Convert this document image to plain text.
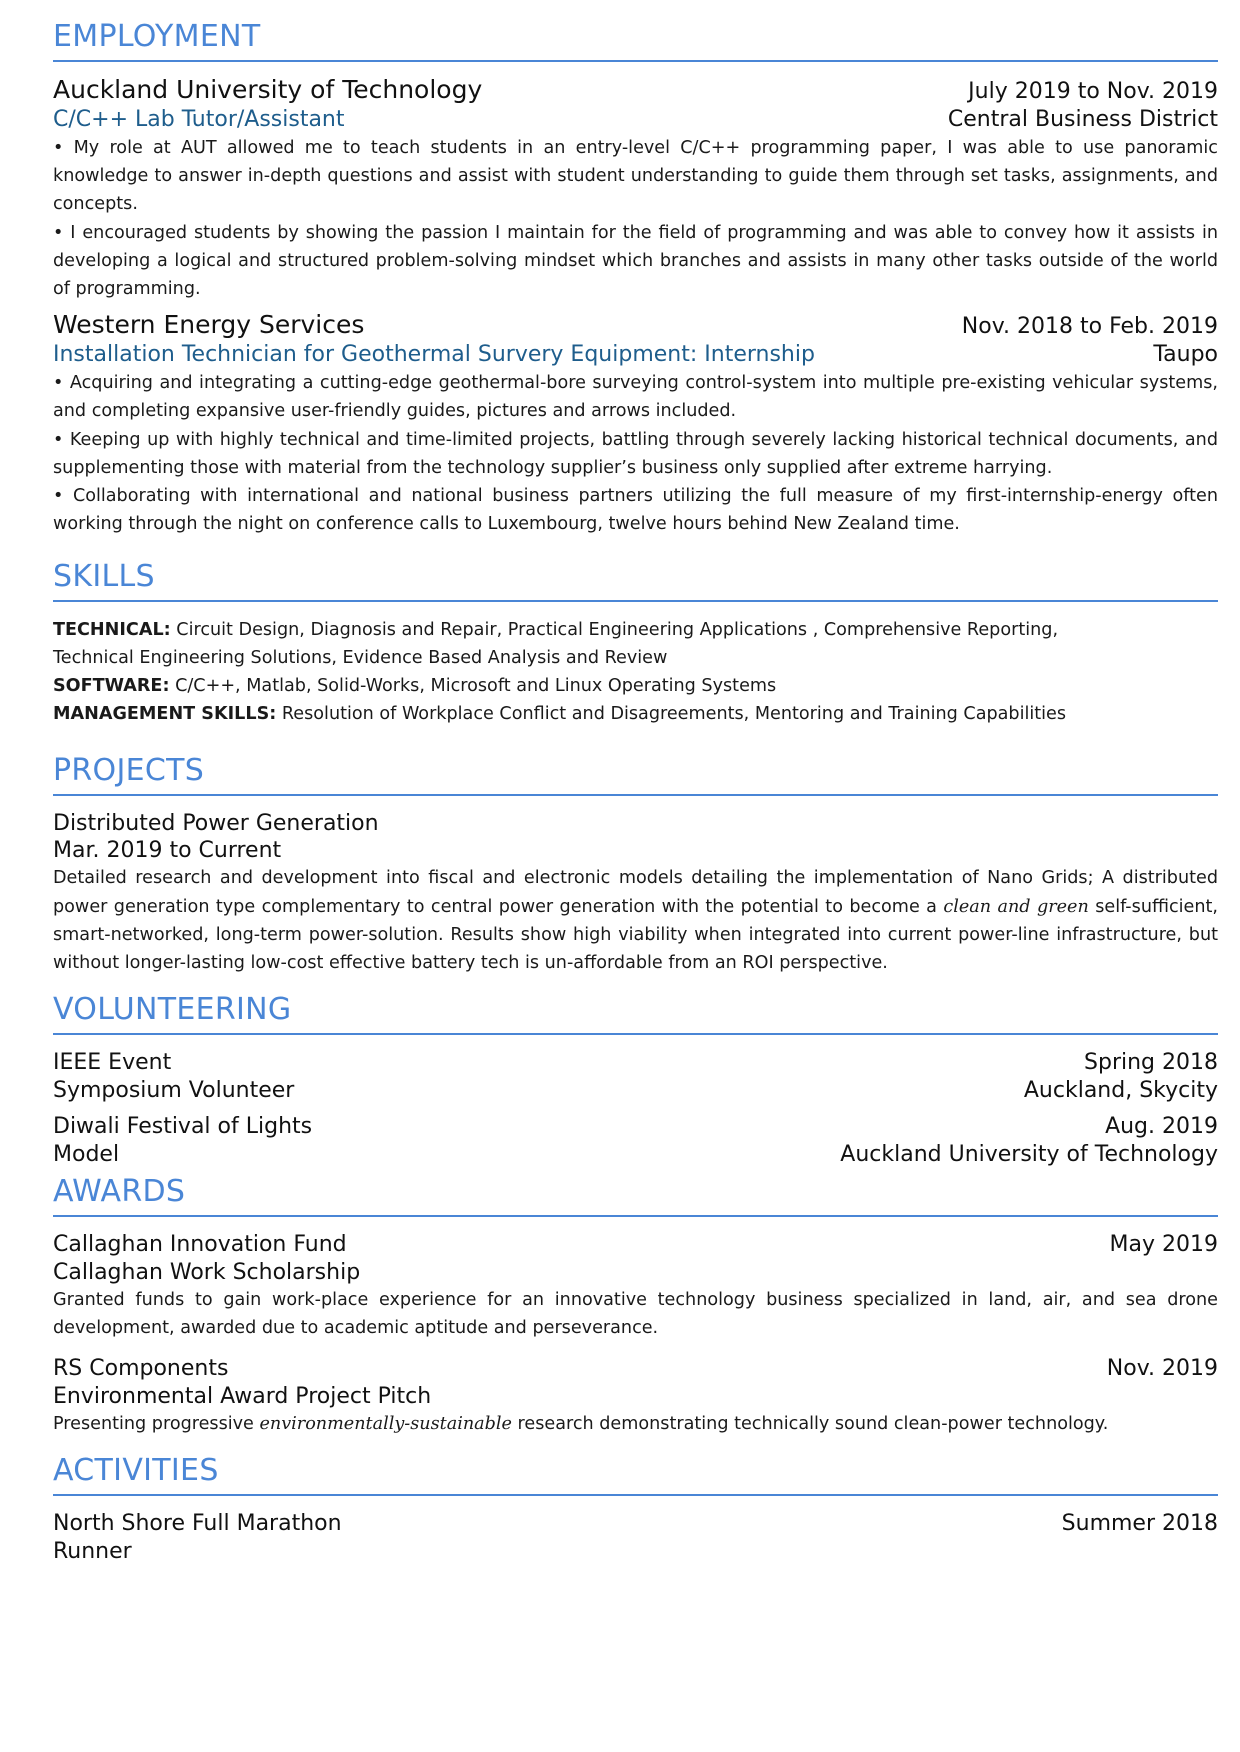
EMPLOYMENT
Auckland University of Technology	July 2019 to Nov. 2019
C/C++ Lab Tutor/Assistant	Central Business District

• My role at AUT allowed me to teach students in an entry-level C/C++ programming paper, I was able to use panoramic knowledge to answer in-depth questions and assist with student understanding to guide them through set tasks, assignments, and concepts.

• I encouraged students by showing the passion I maintain for the field of programming and was able to convey how it assists in developing a logical and structured problem-solving mindset which branches and assists in many other tasks outside of the world of programming.

Western Energy Services	Nov. 2018 to Feb. 2019
Installation Technician for Geothermal Survery Equipment: Internship	Taupo

• Acquiring and integrating a cutting-edge geothermal-bore surveying control-system into multiple pre-existing vehicular systems, and completing expansive user-friendly guides, pictures and arrows included.

• Keeping up with highly technical and time-limited projects, battling through severely lacking historical technical documents, and supplementing those with material from the technology supplier’s business only supplied after extreme harrying.

• Collaborating with international and national business partners utilizing the full measure of my first-internship-energy often working through the night on conference calls to Luxembourg, twelve hours behind New Zealand time.

SKILLS

TECHNICAL: Circuit Design, Diagnosis and Repair, Practical Engineering Applications , Comprehensive Reporting,

Technical Engineering Solutions, Evidence Based Analysis and Review

SOFTWARE: C/C++, Matlab, Solid-Works, Microsoft and Linux Operating Systems

MANAGEMENT SKILLS: Resolution of Workplace Conflict and Disagreements, Mentoring and Training Capabilities

PROJECTS
Distributed Power Generation
Mar. 2019 to Current

Detailed research and development into fiscal and electronic models detailing the implementation of Nano Grids; A distributed power generation type complementary to central power generation with the potential to become a clean and green self-sufficient, smart-networked, long-term power-solution. Results show high viability when integrated into current power-line infrastructure, but without longer-lasting low-cost effective battery tech is un-affordable from an ROI perspective.

VOLUNTEERING
IEEE Event	Spring 2018
Symposium Volunteer	Auckland, Skycity
Diwali Festival of Lights	Aug. 2019
Model	Auckland University of Technology
AWARDS
Callaghan Innovation Fund	May 2019
Callaghan Work Scholarship

Granted funds to gain work-place experience for an innovative technology business specialized in land, air, and sea drone development, awarded due to academic aptitude and perseverance.

RS Components	Nov. 2019
Environmental Award Project Pitch

Presenting progressive environmentally-sustainable research demonstrating technically sound clean-power technology.

ACTIVITIES
North Shore Full Marathon	Summer 2018
Runner
